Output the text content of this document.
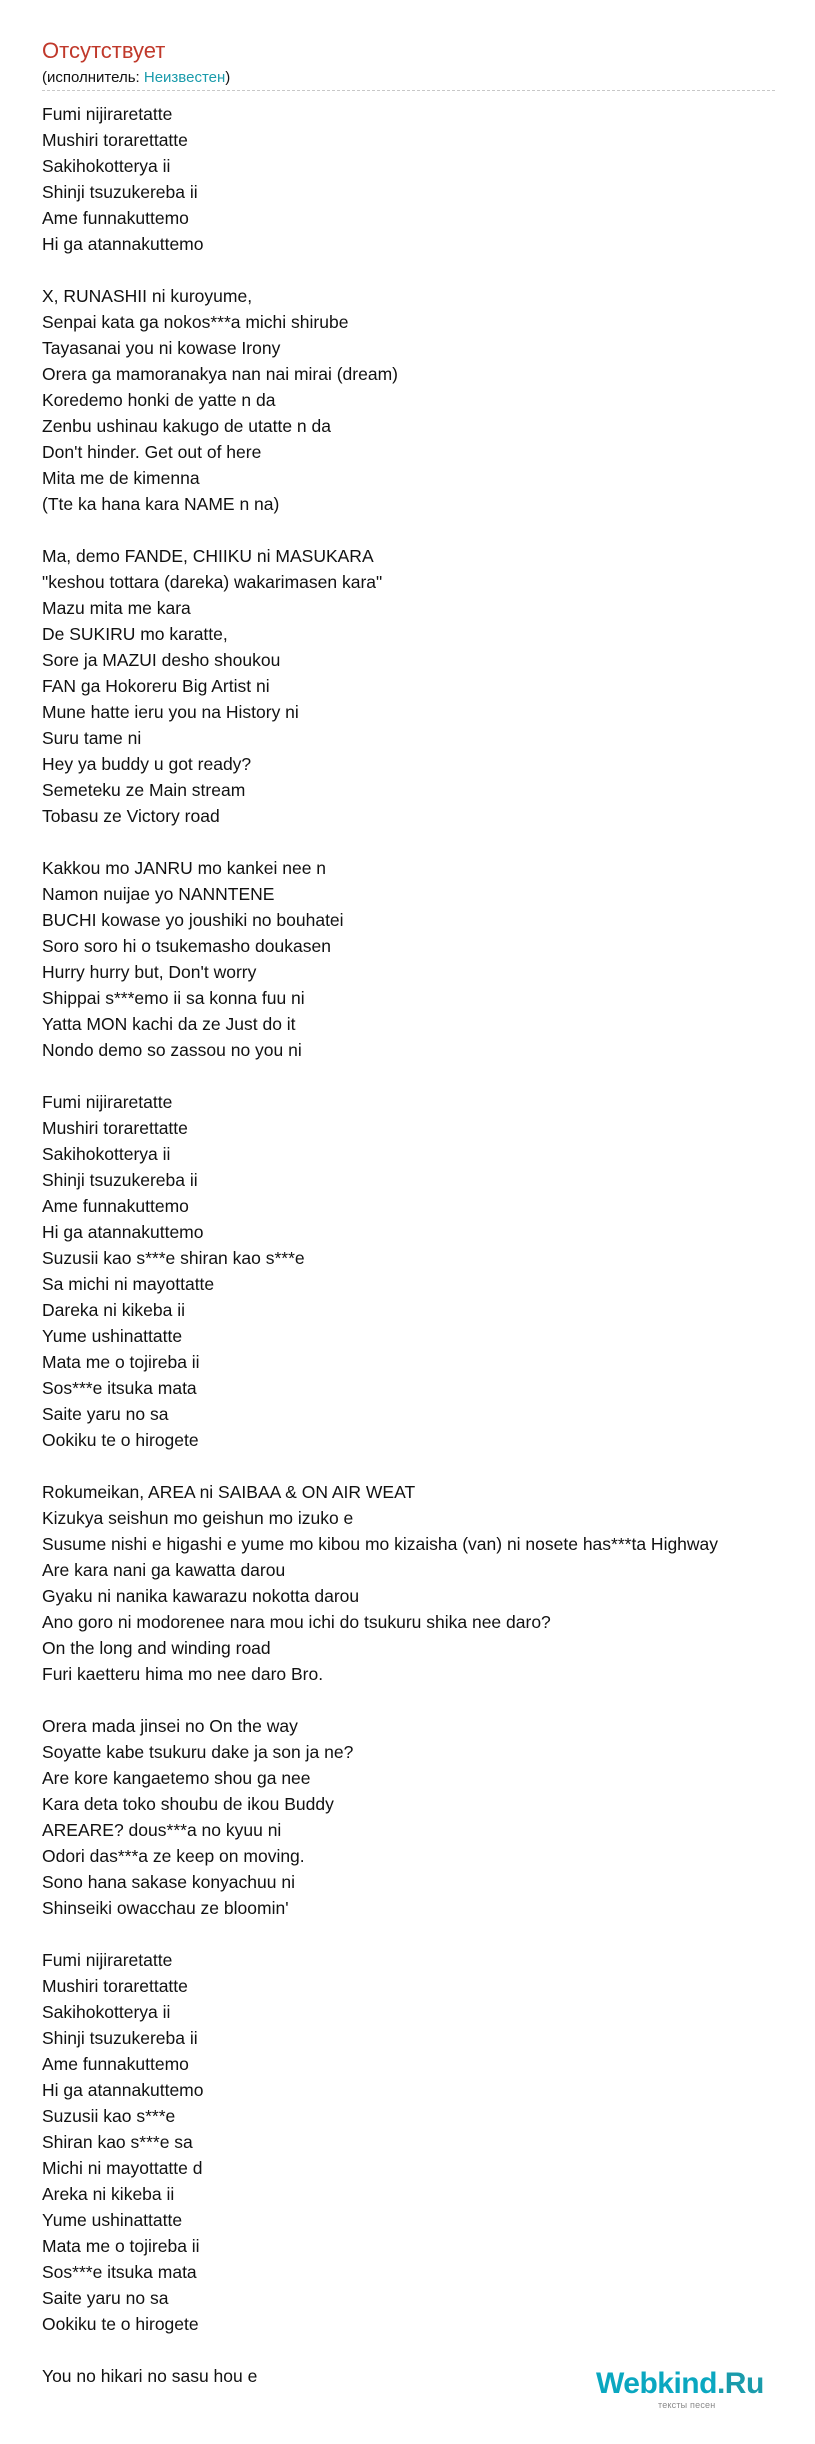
Отсутствует
(исполнитель: Неизвестен)
Fumi nijiraretatte
Mushiri torarettatte
Sakihokotterya ii
Shinji tsuzukereba ii
Ame funnakuttemo
Hi ga atannakuttemo

X, RUNASHII ni kuroyume,
Senpai kata ga nokos***a michi shirube
Tayasanai you ni kowase Irony
Orera ga mamoranakya nan nai mirai (dream)
Koredemo honki de yatte n da
Zenbu ushinau kakugo de utatte n da
Don't hinder. Get out of here
Mita me de kimenna
(Tte ka hana kara NAME n na)

Ma, demo FANDE, CHIIKU ni MASUKARA
"keshou tottara (dareka) wakarimasen kara"
Mazu mita me kara
De SUKIRU mo karatte,
Sore ja MAZUI desho shoukou
FAN ga Hokoreru Big Artist ni
Mune hatte ieru you na History ni
Suru tame ni
Hey ya buddy u got ready?
Semeteku ze Main stream
Tobasu ze Victory road

Kakkou mo JANRU mo kankei nee n
Namon nuijae yo NANNTENE
BUCHI kowase yo joushiki no bouhatei
Soro soro hi o tsukemasho doukasen
Hurry hurry but, Don't worry
Shippai s***emo ii sa konna fuu ni
Yatta MON kachi da ze Just do it
Nondo demo so zassou no you ni

Fumi nijiraretatte
Mushiri torarettatte
Sakihokotterya ii
Shinji tsuzukereba ii
Ame funnakuttemo
Hi ga atannakuttemo
Suzusii kao s***e shiran kao s***e
Sa michi ni mayottatte
Dareka ni kikeba ii
Yume ushinattatte
Mata me o tojireba ii
Sos***e itsuka mata
Saite yaru no sa
Ookiku te o hirogete

Rokumeikan, AREA ni SAIBAA & ON AIR WEAT
Kizukya seishun mo geishun mo izuko e
Susume nishi e higashi e yume mo kibou mo kizaisha (van) ni nosete has***ta Highway
Are kara nani ga kawatta darou
Gyaku ni nanika kawarazu nokotta darou
Ano goro ni modorenee nara mou ichi do tsukuru shika nee daro?
On the long and winding road
Furi kaetteru hima mo nee daro Bro.

Orera mada jinsei no On the way
Soyatte kabe tsukuru dake ja son ja ne?
Are kore kangaetemo shou ga nee
Kara deta toko shoubu de ikou Buddy
AREARE? dous***a no kyuu ni
Odori das***a ze keep on moving.
Sono hana sakase konyachuu ni
Shinseiki owacchau ze bloomin'

Fumi nijiraretatte
Mushiri torarettatte
Sakihokotterya ii
Shinji tsuzukereba ii
Ame funnakuttemo
Hi ga atannakuttemo
Suzusii kao s***e
Shiran kao s***e sa
Michi ni mayottatte d
Areka ni kikeba ii
Yume ushinattatte
Mata me o tojireba ii
Sos***e itsuka mata
Saite yaru no sa
Ookiku te o hirogete

You no hikari no sasu hou e	Webkind.Ru
тексты песен
